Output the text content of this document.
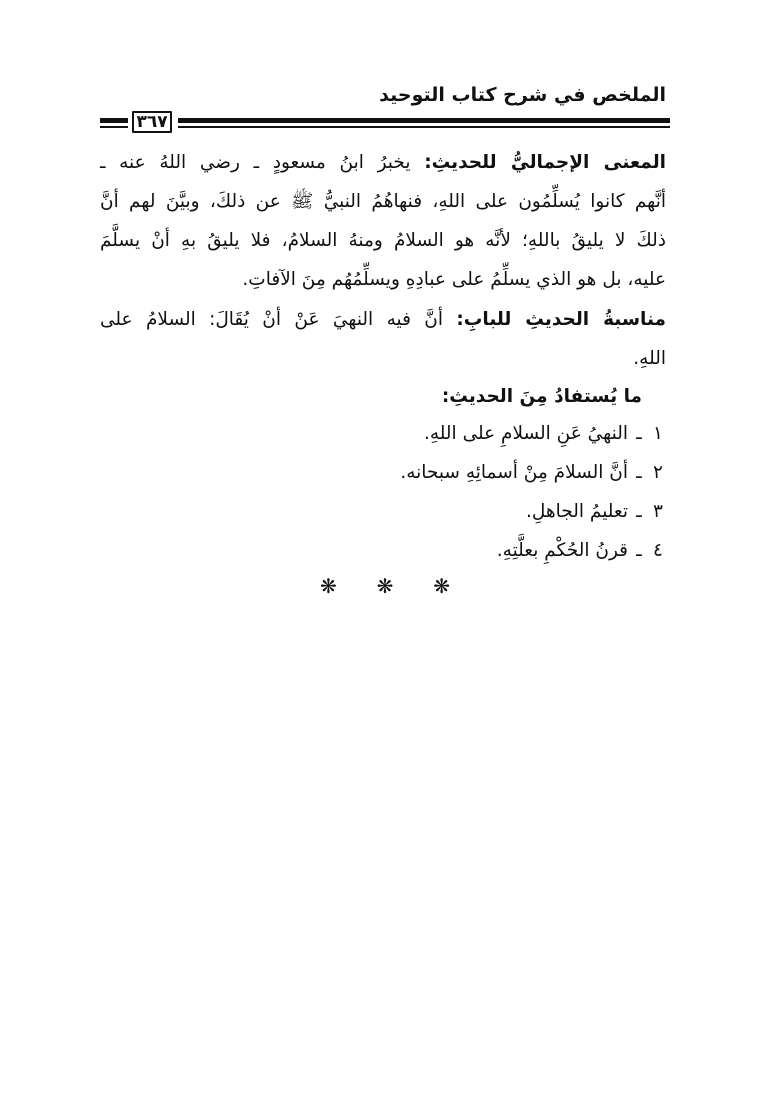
الملخص في شرح كتاب التوحيد
٣٦٧
المعنى الإجماليُّ للحديثِ: يخبرُ ابنُ مسعودٍ ـ رضي اللهُ عنه ـ
أنَّهم كانوا يُسلِّمُون على اللهِ، فنهاهُمُ النبيُّ ﷺ عن ذلكَ، وبيَّنَ لهم أنَّ
ذلكَ لا يليقُ باللهِ؛ لأنَّه هو السلامُ ومنهُ السلامُ، فلا يليقُ بهِ أنْ يسلَّمَ
عليه، بل هو الذي يسلِّمُ على عبادِهِ ويسلِّمُهُم مِنَ الآفاتِ.
مناسبةُ الحديثِ للبابِ: أنَّ فيه النهيَ عَنْ أنْ يُقَالَ: السلامُ على
اللهِ.
ما يُستفادُ مِنَ الحديثِ:
١
ـ
النهيُ عَنِ السلامِ على اللهِ.
٢
ـ
أنَّ السلامَ مِنْ أسمائِهِ سبحانه.
٣
ـ
تعليمُ الجاهلِ.
٤
ـ
قرنُ الحُكْمِ بعلَّتِهِ.
❋ ❋ ❋
